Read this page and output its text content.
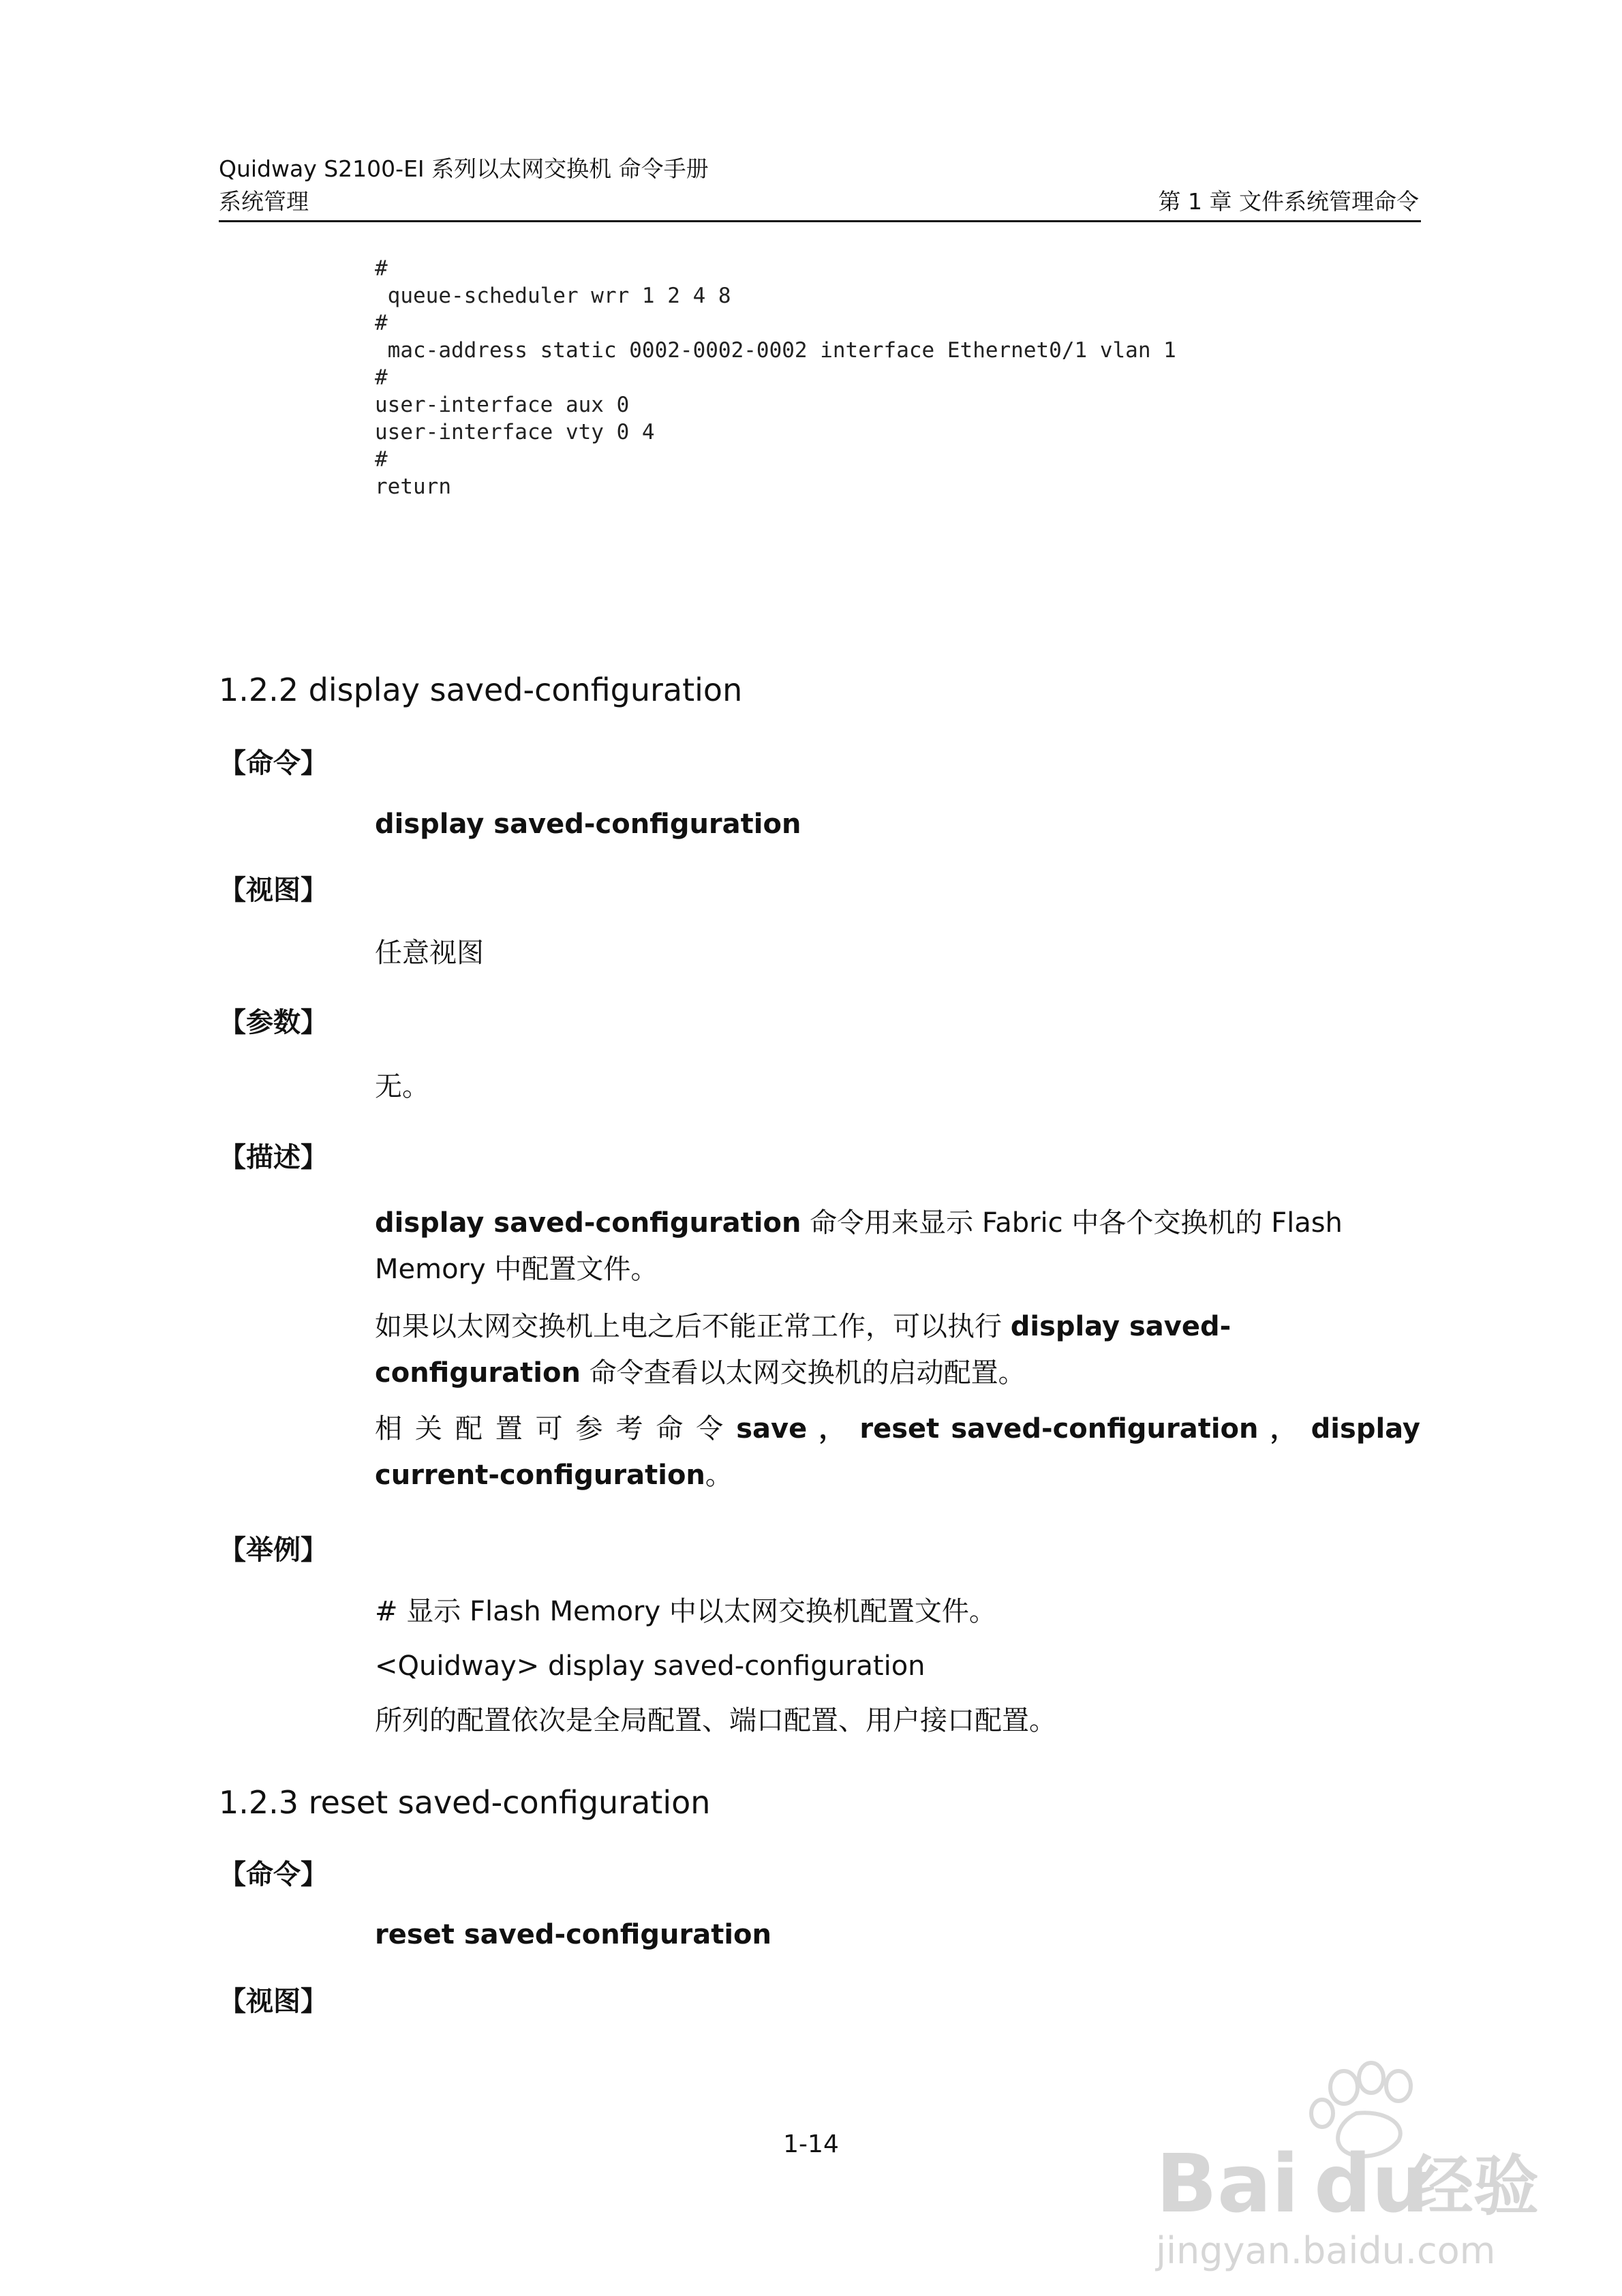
Quidway S2100-EI 系列以太网交换机 命令手册
系统管理	第 1 章 文件系统管理命令
#
queue-scheduler wrr 1 2 4 8
#
mac-address static 0002-0002-0002 interface Ethernet0/1 vlan 1
#
user-interface aux 0
user-interface vty 0 4
#
return
1.2.2 display saved-configuration
【命令】
display saved-configuration
【视图】
任意视图
【参数】
无。
【描述】
display saved-configuration 命令用来显示 Fabric 中各个交换机的 Flash Memory 中配置文件。
如果以太网交换机上电之后不能正常工作，可以执行 display saved-configuration 命令查看以太网交换机的启动配置。
相 关 配 置 可 参 考 命 令 save ， reset saved-configuration ， display
current-configuration。
【举例】
# 显示 Flash Memory 中以太网交换机配置文件。
<Quidway> display saved-configuration
所列的配置依次是全局配置、端口配置、用户接口配置。
1.2.3 reset saved-configuration
【命令】
reset saved-configuration
【视图】
1-14	Bai du
经验
jingyan.baidu.com
